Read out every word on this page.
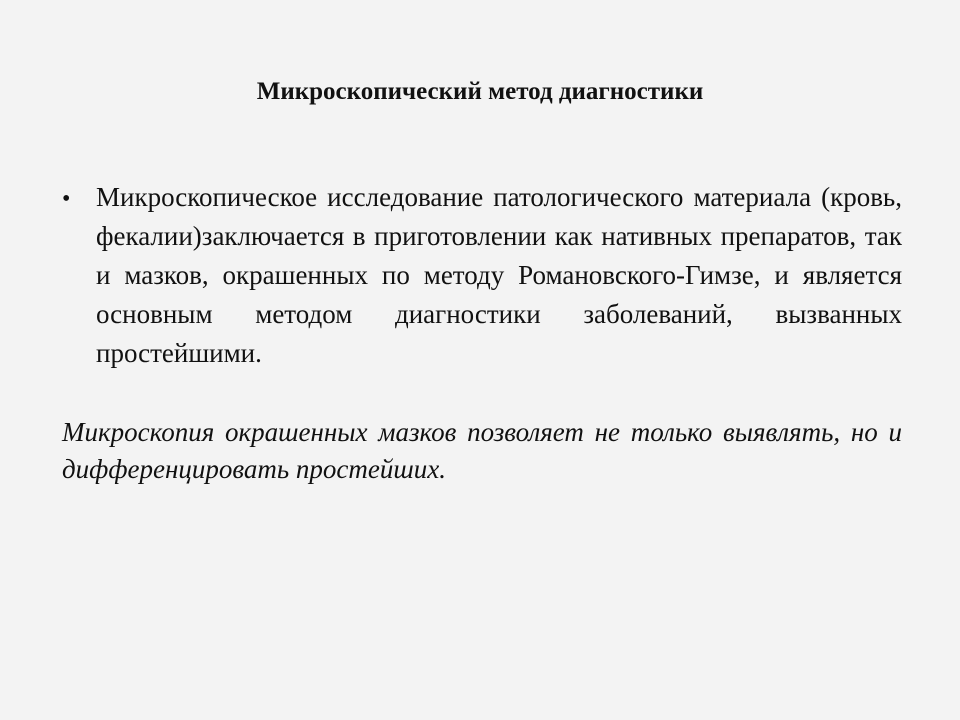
Микроскопический метод диагностики
• Микроскопическое исследование патологического материала (кровь, фекалии)заключается в приготовлении как нативных препаратов, так и мазков, окрашенных по методу Романовского-Гимзе, и является основным методом диагностики заболеваний, вызванных простейшими.

Микроскопия окрашенных мазков позволяет не только выявлять, но и дифференцировать простейших.
